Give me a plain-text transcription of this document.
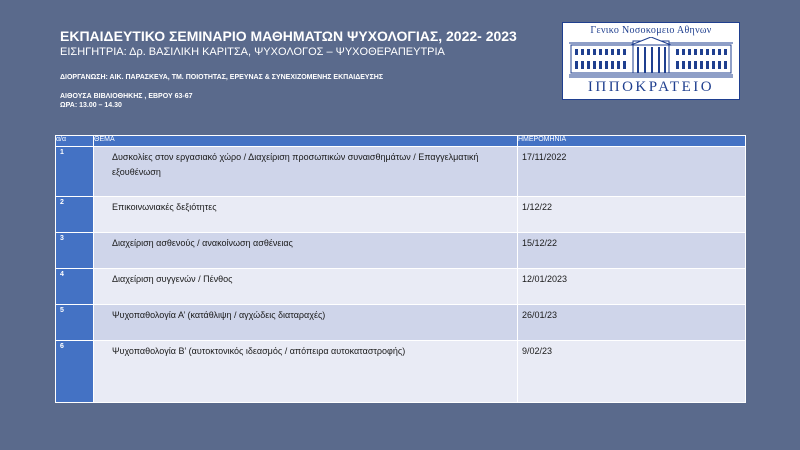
ΕΚΠΑΙΔΕΥΤΙΚΟ ΣΕΜΙΝΑΡΙΟ ΜΑΘΗΜΑΤΩΝ ΨΥΧΟΛΟΓΙΑΣ, 2022- 2023

ΕΙΣΗΓΗΤΡΙΑ: Δρ. ΒΑΣΙΛΙΚΗ ΚΑΡΙΤΣΑ, ΨΥΧΟΛΟΓΟΣ – ΨΥΧΟΘΕΡΑΠΕΥΤΡΙΑ

ΔΙΟΡΓΑΝΩΣΗ: ΑΙΚ. ΠΑΡΑΣΚΕΥΑ, ΤΜ. ΠΟΙΟΤΗΤΑΣ, ΕΡΕΥΝΑΣ & ΣΥΝΕΧΙΖΟΜΕΝΗΣ ΕΚΠΑΙΔΕΥΣΗΣ
ΑΙΘΟΥΣΑ ΒΙΒΛΙΟΘΗΚΗΣ , ΕΒΡΟΥ 63-67
ΩΡΑ: 13.00 – 14.30
Γενικο Νοσοκομειο Αθηνων
ΙΠΠΟΚΡΑΤΕΙΟ
α/α	ΘΕΜΑ	ΗΜΕΡΟΜΗΝΙΑ
1	Δυσκολίες στον εργασιακό χώρο / Διαχείριση προσωπικών συναισθημάτων / Επαγγελματική εξουθένωση	17/11/2022
2	Επικοινωνιακές δεξιότητες	1/12/22
3	Διαχείριση ασθενούς / ανακοίνωση ασθένειας	15/12/22
4	Διαχείριση συγγενών / Πένθος	12/01/2023
5	Ψυχοπαθολογία Α’ (κατάθλιψη / αγχώδεις διαταραχές)	26/01/23
6	Ψυχοπαθολογία Β’ (αυτοκτονικός ιδεασμός / απόπειρα αυτοκαταστροφής)	9/02/23
